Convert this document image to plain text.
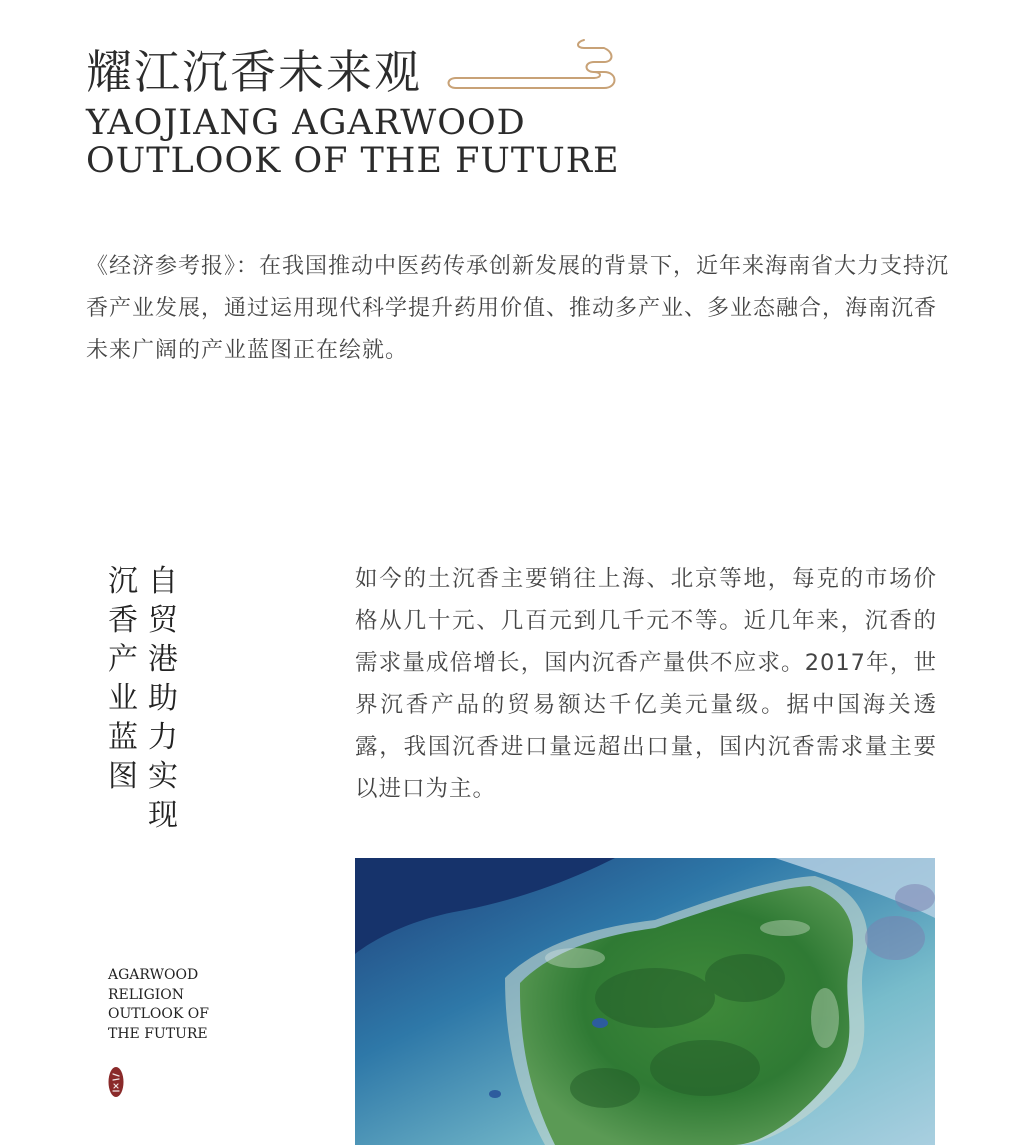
耀江沉香未来观
YAOJIANG AGARWOOD
OUTLOOK OF THE FUTURE
《经济参考报》：在我国推动中医药传承创新发展的背景下，近年来海南省大力支持沉香产业发展，通过运用现代科学提升药用价值、推动多产业、多业态融合，海南沉香未来广阔的产业蓝图正在绘就。
自贸港助力实现
沉香产业蓝图
如今的土沉香主要销往上海、北京等地，每克的市场价格从几十元、几百元到几千元不等。近几年来，沉香的需求量成倍增长，国内沉香产量供不应求。2017年，世界沉香产品的贸易额达千亿美元量级。据中国海关透露，我国沉香进口量远超出口量，国内沉香需求量主要以进口为主。
AGARWOOD
RELIGION
OUTLOOK OF
THE FUTURE
